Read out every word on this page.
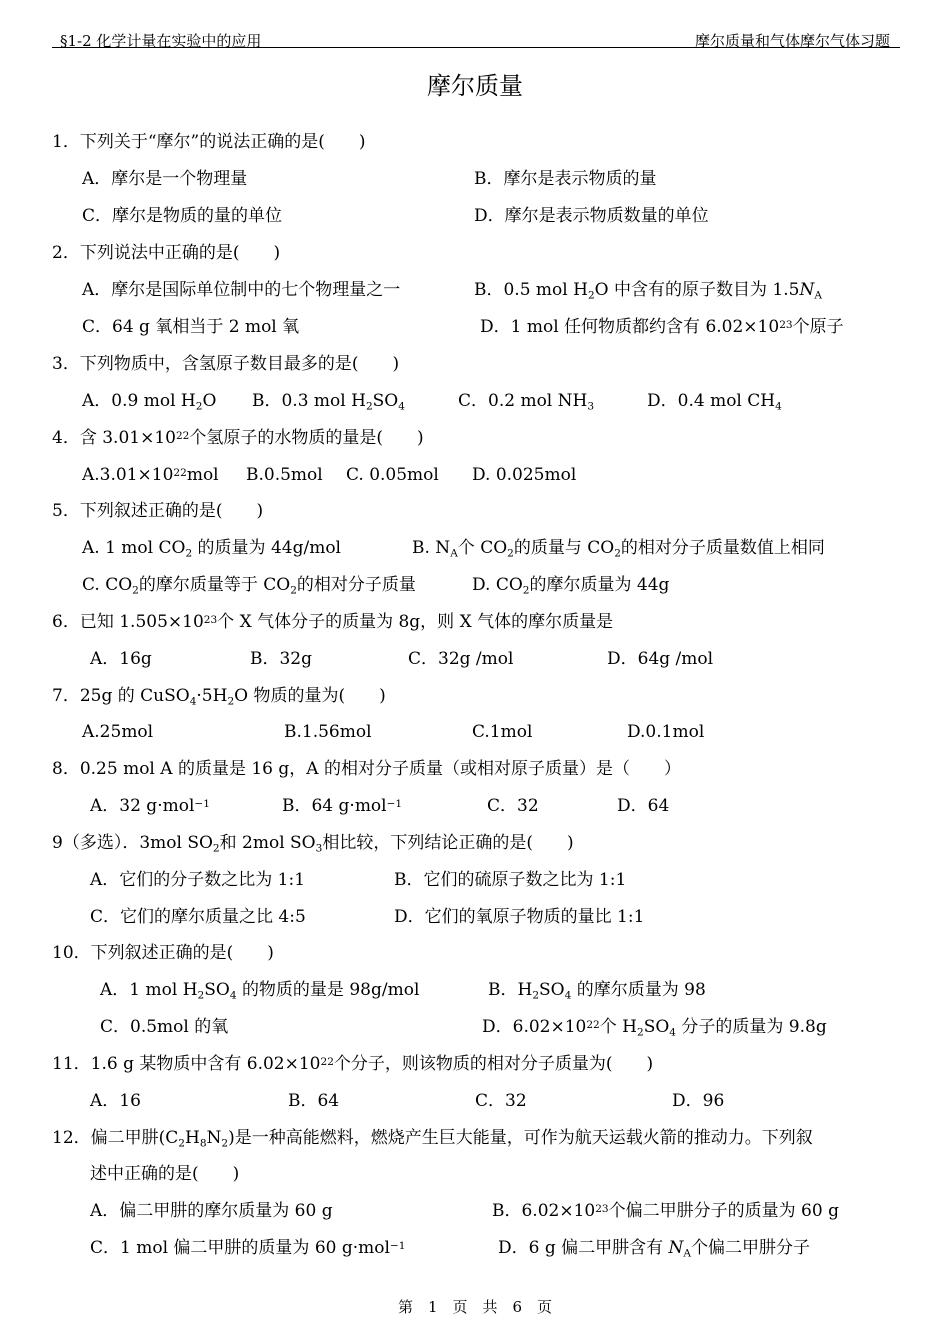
§1-2 化学计量在实验中的应用	摩尔质量和气体摩尔气体习题
摩尔质量
1．下列关于“摩尔”的说法正确的是(　　)
A．摩尔是一个物理量	B．摩尔是表示物质的量
C．摩尔是物质的量的单位	D．摩尔是表示物质数量的单位
2．下列说法中正确的是(　　)
A．摩尔是国际单位制中的七个物理量之一	B．0.5 mol $H_2O$ 中含有的原子数目为 $1.5N_A$
C．64 g 氧相当于 2 mol 氧	D．1 mol 任何物质都约含有 $6.02\times 10^{23}$个原子
3．下列物质中，含氢原子数目最多的是(　　)
A．0.9 mol $H_2O$ B．0.3 mol $H_2SO_4$	C．0.2 mol $NH_3$	D．0.4 mol $CH_4$
4．含 $3.01\times 10^{22}$个氢原子的水物质的量是(　　)
$A.3.01\times 10^{22}mol$ B.0.5mol C. 0.05mol D. 0.025mol
5．下列叙述正确的是(　　)
A. 1 mol $CO_2$ 的质量为 44g/mol	B. $N_A$个 $CO_2$的质量与 $CO_2$的相对分子质量数值上相同
C. $CO_2$的摩尔质量等于 $CO_2$的相对分子质量	D. $CO_2$的摩尔质量为 44g
6．已知 $1.505\times 10^{23}$个 X 气体分子的质量为 8g，则 X 气体的摩尔质量是
A．16g	B．32g	C．32g /mol	D．64g /mol
7．25g 的 $CuSO_4\cdot 5H_2O$ 物质的量为(　　)
A.25mol	B.1.56mol	C.1mol	D.0.1mol
8．0.25 mol A 的质量是 16 g，A 的相对分子质量（或相对原子质量）是（　　）
A．32 g·mol$^{-1}$	B．64 g·mol$^{-1}$	C．32	D．64
9（多选）．3mol $SO_2$和 2mol $SO_3$相比较，下列结论正确的是(　　)
A．它们的分子数之比为 1:1	B．它们的硫原子数之比为 1:1
C．它们的摩尔质量之比 4:5	D．它们的氧原子物质的量比 1:1
10．下列叙述正确的是(　　)
A．1 mol $H_2SO_4$ 的物质的量是 98g/mol	B．$H_2SO_4$ 的摩尔质量为 98
C．0.5mol 的氧	D．$6.02\times 10^{22}$个 $H_2SO_4$ 分子的质量为 9.8g
11．1.6 g 某物质中含有 $6.02\times 10^{22}$个分子，则该物质的相对分子质量为(　　)
A．16	B．64	C．32	D．96
12．偏二甲肼$(C_2H_8N_2)$是一种高能燃料，燃烧产生巨大能量，可作为航天运载火箭的推动力。下列叙
述中正确的是(　　)
A．偏二甲肼的摩尔质量为 60 g	B．$6.02\times 10^{23}$个偏二甲肼分子的质量为 60 g
C．1 mol 偏二甲肼的质量为 60 g·mol$^{-1}$	D．6 g 偏二甲肼含有 $N_A$个偏二甲肼分子
第　1　页　共　6　页
